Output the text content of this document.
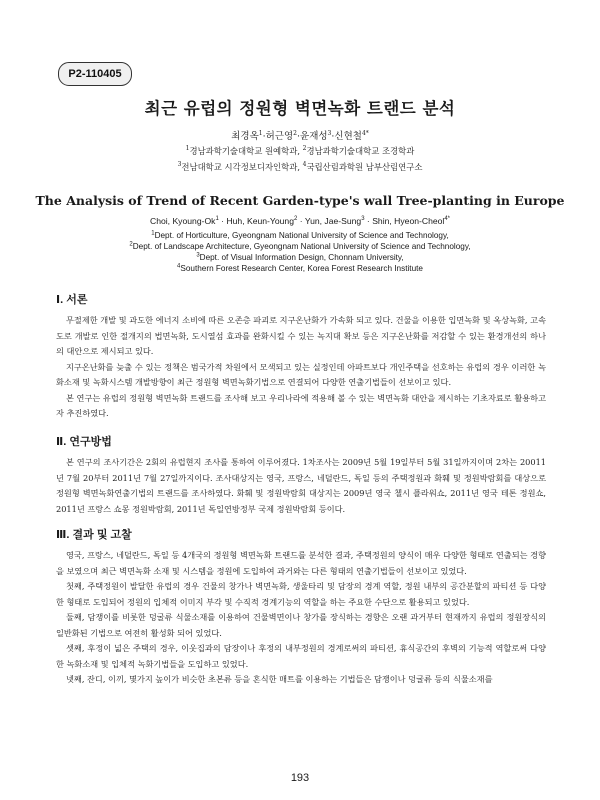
P2-110405
최근 유럽의 정원형 벽면녹화 트랜드 분석
최경옥$^1$·허근영$^2$·윤재성$^3$·신현철$^{4*}$
$^1$경남과학기술대학교 원예학과, $^2$경남과학기술대학교 조경학과
$^3$전남대학교 시각정보디자인학과, $^4$국립산림과학원 남부산림연구소
The Analysis of Trend of Recent Garden-type's wall Tree-planting in Europe
Choi, Kyoung-$Ok^1$ · Huh, Keun-Young$^2$ · Yun, Jae-Sung$^3$ · Shin, Hyeon-Cheol$^{4*}$
$^1$Dept. of Horticulture, Gyeongnam National University of Science and Technology,
$^2$Dept. of Landscape Architecture, Gyeongnam National University of Science and Technology,
$^3$Dept. of Visual Information Design, Chonnam University,
$^4$Southern Forest Research Center, Korea Forest Research Institute
Ⅰ. 서론

무절제한 개발 및 과도한 에너지 소비에 따른 오존층 파괴로 지구온난화가 가속화 되고 있다. 건물을 이용한 입면녹화 및 옥상녹화, 고속도로 개발로 인한 절개지의 법면녹화, 도시열섬 효과를 완화시킬 수 있는 녹지대 확보 등은 지구온난화를 저감할 수 있는 환경개선의 하나의 대안으로 제시되고 있다.

지구온난화를 늦출 수 있는 정책은 범국가적 차원에서 모색되고 있는 실정인데 아파트보다 개인주택을 선호하는 유럽의 경우 이러한 녹화소재 및 녹화시스템 개발방향이 최근 정원형 벽면녹화기법으로 연결되어 다양한 연출기법들이 선보이고 있다.

본 연구는 유럽의 정원형 벽면녹화 트랜드를 조사해 보고 우리나라에 적용해 볼 수 있는 벽면녹화 대안을 제시하는 기초자료로 활용하고자 추진하였다.

Ⅱ. 연구방법

본 연구의 조사기간은 2회의 유럽현지 조사를 통하여 이루어졌다. 1차조사는 2009년 5월 19일부터 5월 31일까지이며 2차는 20011년 7월 20부터 2011년 7월 27일까지이다. 조사대상지는 영국, 프랑스, 네덜란드, 독일 등의 주택정원과 화훼 및 정원박람회를 대상으로 정원형 벽면녹화연출기법의 트랜드를 조사하였다. 화훼 및 정원박람회 대상지는 2009년 영국 첼시 플라워쇼, 2011년 영국 테톤 정원쇼, 2011년 프랑스 쇼몽 정원박람회, 2011년 독일연방정부 국제 정원박람회 등이다.

Ⅲ. 결과 및 고찰

영국, 프랑스, 네덜란드, 독일 등 4개국의 정원형 벽면녹화 트랜드를 분석한 결과, 주택정원의 양식이 매우 다양한 형태로 연출되는 경향을 보였으며 최근 벽면녹화 소재 및 시스템을 정원에 도입하여 과거와는 다른 형태의 연출기법들이 선보이고 있었다.

첫째, 주택정원이 발달한 유럽의 경우 건물의 창가나 벽면녹화, 생울타리 및 담장의 경계 역할, 정원 내부의 공간분할의 파티션 등 다양한 형태로 도입되어 정원의 입체적 이미지 부각 및 수직적 경계기능의 역할을 하는 주요한 수단으로 활용되고 있었다.

둘째, 담쟁이를 비롯한 덩굴류 식물소재를 이용하여 건물벽면이나 창가를 장식하는 경향은 오랜 과거부터 현재까지 유럽의 정원장식의 일반화된 기법으로 여전히 활성화 되어 있었다.

셋째, 후정이 넓은 주택의 경우, 이웃집과의 담장이나 후정의 내부정원의 경계로써의 파티션, 휴식공간의 후벽의 기능적 역할로써 다양한 녹화소재 및 입체적 녹화기법들을 도입하고 있었다.

넷째, 잔디, 이끼, 몇가지 높이가 비슷한 초본류 등을 혼식한 매트를 이용하는 기법들은 담쟁이나 덩굴류 등의 식물소재를

193
